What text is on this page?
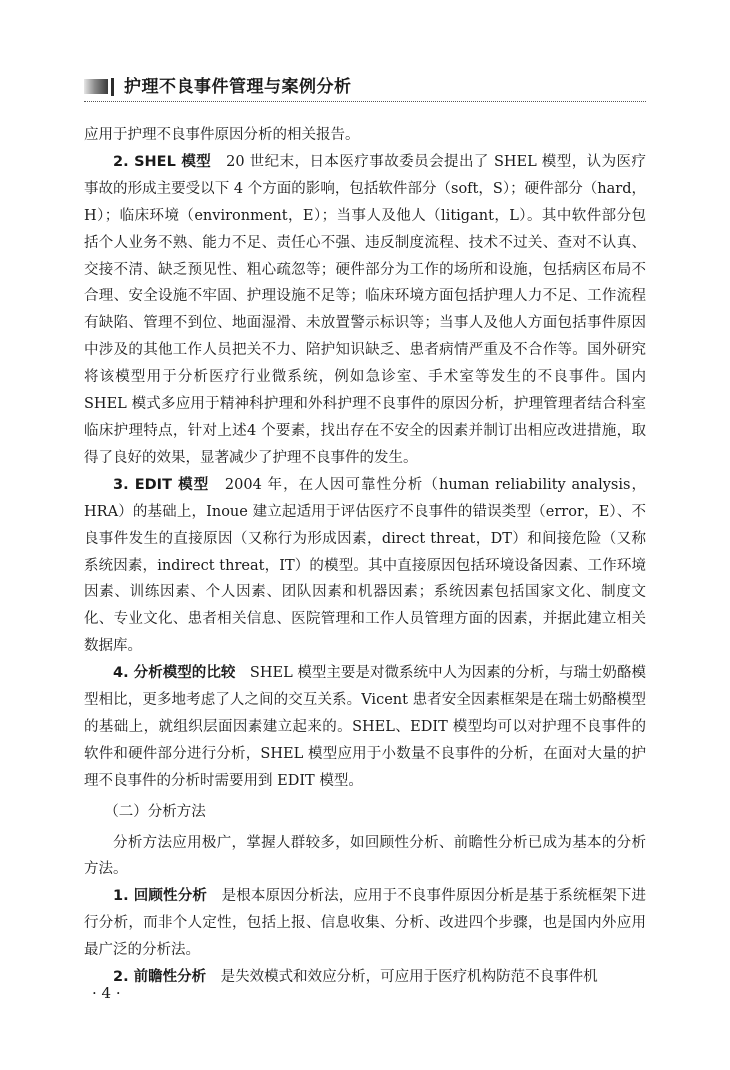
护理不良事件管理与案例分析

应用于护理不良事件原因分析的相关报告。

2. SHEL 模型　 20 世纪末，日本医疗事故委员会提出了 SHEL 模型，认为医疗事故的形成主要受以下 4 个方面的影响，包括软件部分（soft，S）；硬件部分（hard，H）；临床环境（environment，E）；当事人及他人（litigant，L）。其中软件部分包括个人业务不熟、能力不足、责任心不强、违反制度流程、技术不过关、查对不认真、交接不清、缺乏预见性、粗心疏忽等；硬件部分为工作的场所和设施，包括病区布局不合理、安全设施不牢固、护理设施不足等；临床环境方面包括护理人力不足、工作流程有缺陷、管理不到位、地面湿滑、未放置警示标识等；当事人及他人方面包括事件原因中涉及的其他工作人员把关不力、陪护知识缺乏、患者病情严重及不合作等。国外研究将该模型用于分析医疗行业微系统，例如急诊室、手术室等发生的不良事件。国内 SHEL 模式多应用于精神科护理和外科护理不良事件的原因分析，护理管理者结合科室临床护理特点，针对上述4 个要素，找出存在不安全的因素并制订出相应改进措施，取得了良好的效果，显著减少了护理不良事件的发生。

3. EDIT 模型　 2004 年，在人因可靠性分析（human reliability analysis，HRA）的基础上，Inoue 建立起适用于评估医疗不良事件的错误类型（error，E）、不良事件发生的直接原因（又称行为形成因素，direct threat，DT）和间接危险（又称系统因素，indirect threat，IT）的模型。其中直接原因包括环境设备因素、工作环境因素、训练因素、个人因素、团队因素和机器因素；系统因素包括国家文化、制度文化、专业文化、患者相关信息、医院管理和工作人员管理方面的因素，并据此建立相关数据库。

4. 分析模型的比较　 SHEL 模型主要是对微系统中人为因素的分析，与瑞士奶酪模型相比，更多地考虑了人之间的交互关系。Vicent 患者安全因素框架是在瑞士奶酪模型的基础上，就组织层面因素建立起来的。SHEL、EDIT 模型均可以对护理不良事件的软件和硬件部分进行分析，SHEL 模型应用于小数量不良事件的分析，在面对大量的护理不良事件的分析时需要用到 EDIT 模型。

（二）分析方法

分析方法应用极广，掌握人群较多，如回顾性分析、前瞻性分析已成为基本的分析方法。

1. 回顾性分析　 是根本原因分析法，应用于不良事件原因分析是基于系统框架下进行分析，而非个人定性，包括上报、信息收集、分析、改进四个步骤，也是国内外应用最广泛的分析法。

2. 前瞻性分析　 是失效模式和效应分析，可应用于医疗机构防范不良事件机

· 4 ·
